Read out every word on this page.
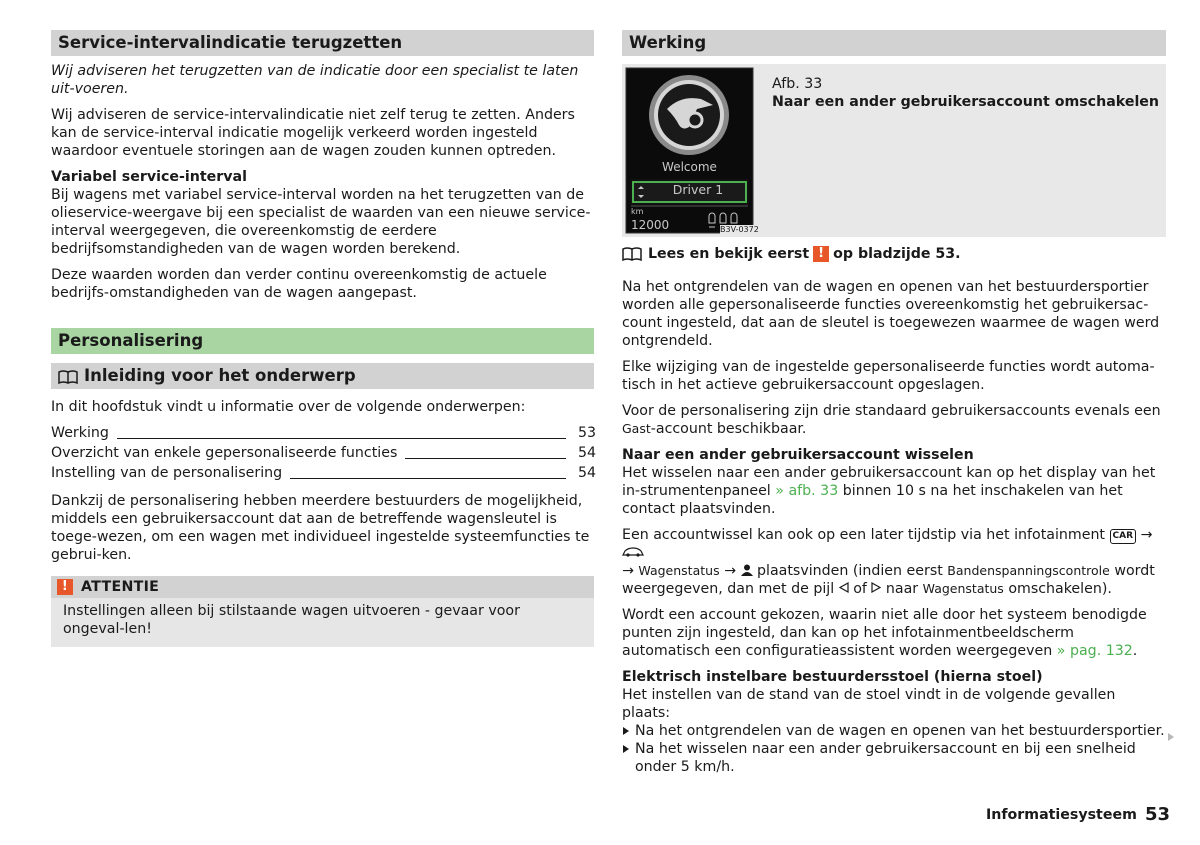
Service-intervalindicatie terugzetten

Wij adviseren het terugzetten van de indicatie door een specialist te laten uit-voeren.

Wij adviseren de service-intervalindicatie niet zelf terug te zetten. Anders kan de service-interval indicatie mogelijk verkeerd worden ingesteld waardoor eventuele storingen aan de wagen zouden kunnen optreden.

Variabel service-interval

Bij wagens met variabel service-interval worden na het terugzetten van de olieservice-weergave bij een specialist de waarden van een nieuwe service-interval weergegeven, die overeenkomstig de eerdere bedrijfsomstandigheden van de wagen worden berekend.

Deze waarden worden dan verder continu overeenkomstig de actuele bedrijfs-omstandigheden van de wagen aangepast.

Personalisering
Inleiding voor het onderwerp

In dit hoofdstuk vindt u informatie over de volgende onderwerpen:

Werking	53
Overzicht van enkele gepersonaliseerde functies	54
Instelling van de personalisering	54

Dankzij de personalisering hebben meerdere bestuurders de mogelijkheid, middels een gebruikersaccount dat aan de betreffende wagensleutel is toege-wezen, om een wagen met individueel ingestelde systeemfuncties te gebrui-ken.

! ATTENTIE
Instellingen alleen bij stilstaande wagen uitvoeren - gevaar voor ongeval-len!
Werking
Welcome
Driver 1
km
12000	B3V-0372
Afb. 33
Naar een ander gebruikersaccount omschakelen
Lees en bekijk eerst ! op bladzijde 53.

Na het ontgrendelen van de wagen en openen van het bestuurdersportier worden alle gepersonaliseerde functies overeenkomstig het gebruikersac-count ingesteld, dat aan de sleutel is toegewezen waarmee de wagen werd ontgrendeld.

Elke wijziging van de ingestelde gepersonaliseerde functies wordt automa-tisch in het actieve gebruikersaccount opgeslagen.

Voor de personalisering zijn drie standaard gebruikersaccounts evenals een Gast-account beschikbaar.

Naar een ander gebruikersaccount wisselen

Het wisselen naar een ander gebruikersaccount kan op het display van het in-strumentenpaneel » afb. 33 binnen 10 s na het inschakelen van het contact plaatsvinden.

Een accountwissel kan ook op een later tijdstip via het infotainment CAR →
→ Wagenstatus → plaatsvinden (indien eerst Bandenspanningscontrole wordt weergegeven, dan met de pijl of naar Wagenstatus omschakelen).

Wordt een account gekozen, waarin niet alle door het systeem benodigde punten zijn ingesteld, dan kan op het infotainmentbeeldscherm automatisch een configuratieassistent worden weergegeven » pag. 132.

Elektrisch instelbare bestuurdersstoel (hierna stoel)

Het instellen van de stand van de stoel vindt in de volgende gevallen plaats:

Na het ontgrendelen van de wagen en openen van het bestuurdersportier.

Na het wisselen naar een ander gebruikersaccount en bij een snelheid onder 5 km/h.

Informatiesysteem 53
